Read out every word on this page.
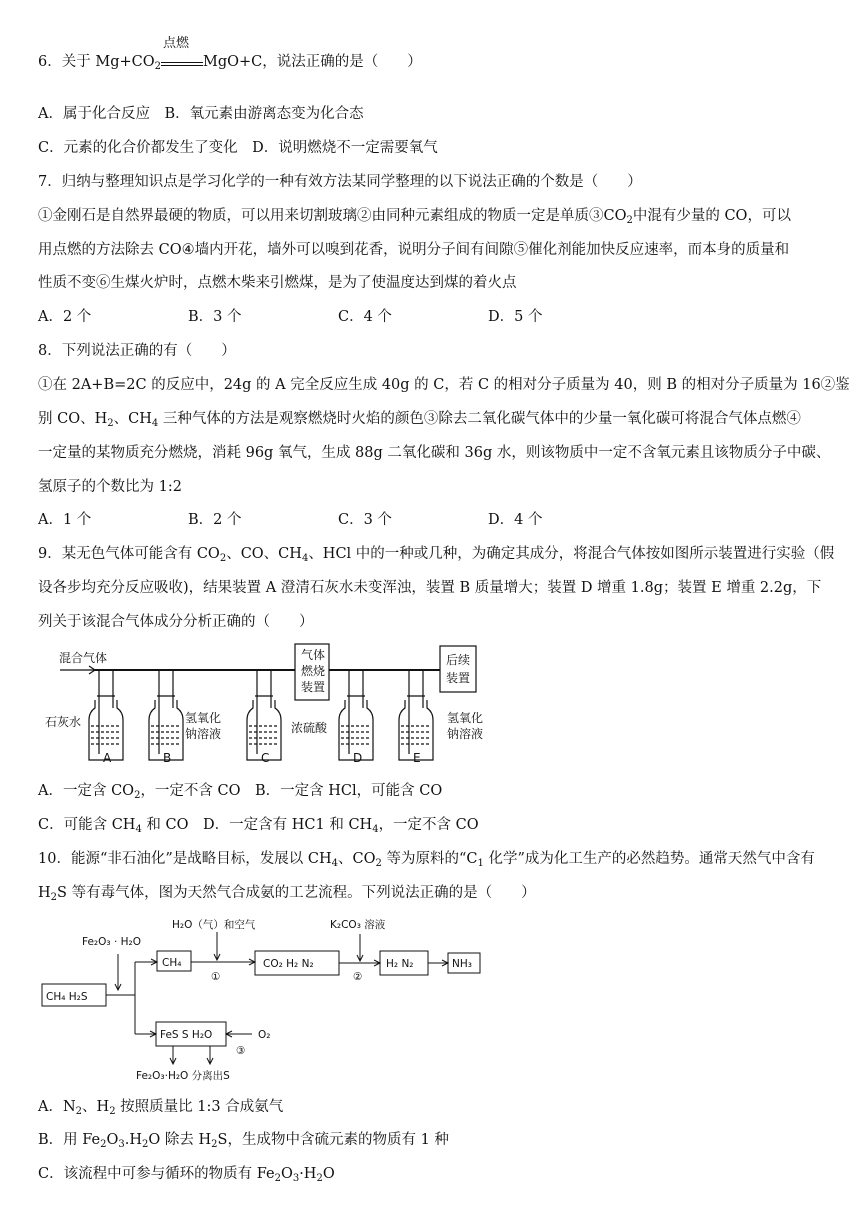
6．关于 $Mg+CO_2$
点燃
MgO+C，说法正确的是（　　）
A．属于化合反应　B．氧元素由游离态变为化合态
C．元素的化合价都发生了变化　D．说明燃烧不一定需要氧气
7．归纳与整理知识点是学习化学的一种有效方法某同学整理的以下说法正确的个数是（　　）
①金刚石是自然界最硬的物质，可以用来切割玻璃②由同种元素组成的物质一定是单质$③CO_2$中混有少量的 CO，可以
用点燃的方法除去 CO④墙内开花，墙外可以嗅到花香，说明分子间有间隙⑤催化剂能加快反应速率，而本身的质量和
性质不变⑥生煤火炉时，点燃木柴来引燃煤，是为了使温度达到煤的着火点
A．2 个	B．3 个	C．4 个	D．5 个
8．下列说法正确的有（　　）
①在 2A+B=2C 的反应中，24g 的 A 完全反应生成 40g 的 C，若 C 的相对分子质量为 40，则 B 的相对分子质量为 16②鉴
别 CO、$H_2$、$CH_4$ 三种气体的方法是观察燃烧时火焰的颜色③除去二氧化碳气体中的少量一氧化碳可将混合气体点燃④
一定量的某物质充分燃烧，消耗 96g 氧气，生成 88g 二氧化碳和 36g 水，则该物质中一定不含氧元素且该物质分子中碳、
氢原子的个数比为 1:2
A．1 个	B．2 个	C．3 个	D．4 个
9．某无色气体可能含有 $CO_2$、CO、$CH_4$、HCl 中的一种或几种，为确定其成分，将混合气体按如图所示装置进行实验（假
设各步均充分反应吸收)，结果装置 A 澄清石灰水未变浑浊，装置 B 质量增大；装置 D 增重 1.8g；装置 E 增重 2.2g，下
列关于该混合气体成分分析正确的（　　）
混合气体	气体
燃烧
装置
后续
装置
石灰水	氢氧化
钠溶液	浓硫酸
氢氧化
钠溶液
A	B	C	D	E
A．一定含 $CO_2$，一定不含 CO　B．一定含 HCl，可能含 CO
C．可能含 $CH_4$ 和 CO　D．一定含有 HC1 和 $CH_4$，一定不含 CO
10．能源“非石油化”是战略目标，发展以 $CH_4$、$CO_2$ 等为原料的“$C_1$ 化学”成为化工生产的必然趋势。通常天然气中含有
$H_2S$ 等有毒气体，图为天然气合成氨的工艺流程。下列说法正确的是（　　）
Fe₂O₃ · H₂O
CH₄ H₂S
CH₄
H₂O（气）和空气
①
CO₂ H₂ N₂
K₂CO₃ 溶液
②
H₂ N₂	NH₃
FeS S H₂O	O₂
③
Fe₂O₃·H₂O 分离出S
A．$N_2$、$H_2$ 按照质量比 1:3 合成氨气
B．用 $Fe_2O_3.H_2O$ 除去 $H_2S$，生成物中含硫元素的物质有 1 种
C．该流程中可参与循环的物质有 $Fe_2O_3\cdot H_2O$
